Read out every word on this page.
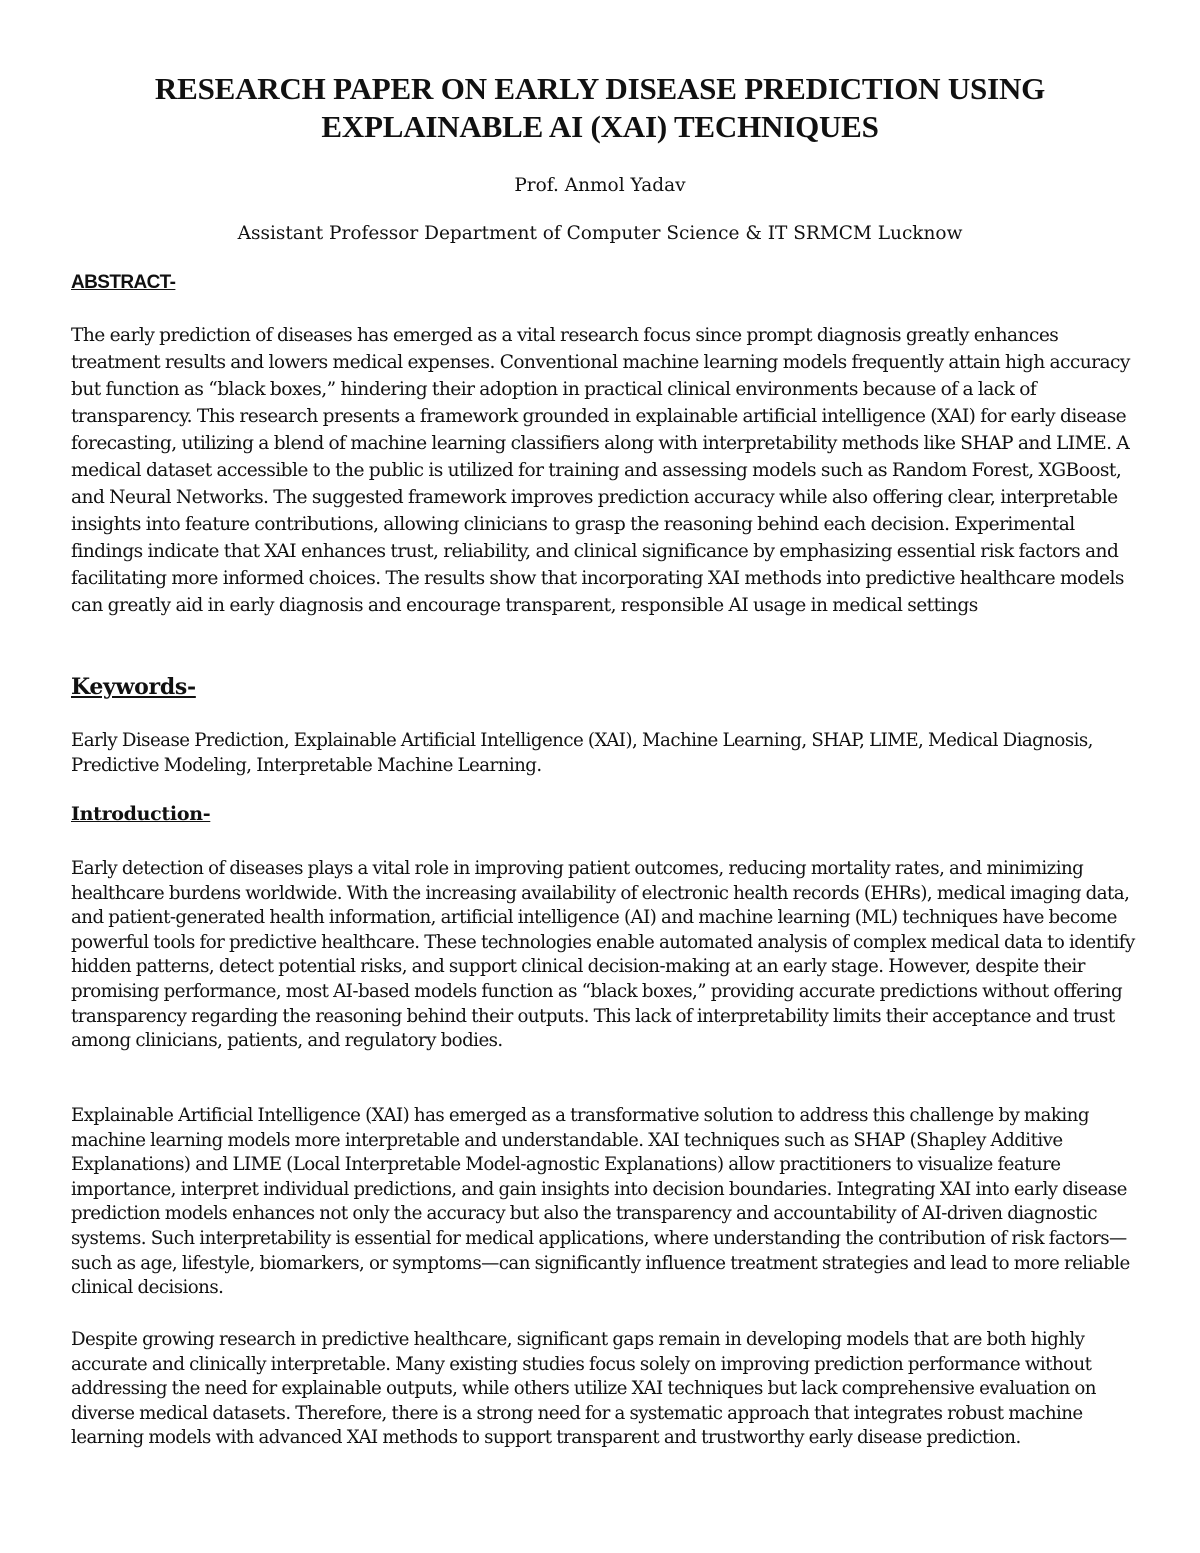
RESEARCH PAPER ON EARLY DISEASE PREDICTION USING EXPLAINABLE AI (XAI) TECHNIQUES

Prof. Anmol Yadav

Assistant Professor Department of Computer Science & IT SRMCM Lucknow

ABSTRACT-

The early prediction of diseases has emerged as a vital research focus since prompt diagnosis greatly enhances treatment results and lowers medical expenses. Conventional machine learning models frequently attain high accuracy but function as “black boxes,” hindering their adoption in practical clinical environments because of a lack of transparency. This research presents a framework grounded in explainable artificial intelligence (XAI) for early disease forecasting, utilizing a blend of machine learning classifiers along with interpretability methods like SHAP and LIME. A medical dataset accessible to the public is utilized for training and assessing models such as Random Forest, XGBoost, and Neural Networks. The suggested framework improves prediction accuracy while also offering clear, interpretable insights into feature contributions, allowing clinicians to grasp the reasoning behind each decision. Experimental findings indicate that XAI enhances trust, reliability, and clinical significance by emphasizing essential risk factors and facilitating more informed choices. The results show that incorporating XAI methods into predictive healthcare models can greatly aid in early diagnosis and encourage transparent, responsible AI usage in medical settings

Keywords-

Early Disease Prediction, Explainable Artificial Intelligence (XAI), Machine Learning, SHAP, LIME, Medical Diagnosis, Predictive Modeling, Interpretable Machine Learning.

Introduction-

Early detection of diseases plays a vital role in improving patient outcomes, reducing mortality rates, and minimizing healthcare burdens worldwide. With the increasing availability of electronic health records (EHRs), medical imaging data, and patient-generated health information, artificial intelligence (AI) and machine learning (ML) techniques have become powerful tools for predictive healthcare. These technologies enable automated analysis of complex medical data to identify hidden patterns, detect potential risks, and support clinical decision-making at an early stage. However, despite their promising performance, most AI-based models function as “black boxes,” providing accurate predictions without offering transparency regarding the reasoning behind their outputs. This lack of interpretability limits their acceptance and trust among clinicians, patients, and regulatory bodies.

Explainable Artificial Intelligence (XAI) has emerged as a transformative solution to address this challenge by making machine learning models more interpretable and understandable. XAI techniques such as SHAP (Shapley Additive Explanations) and LIME (Local Interpretable Model-agnostic Explanations) allow practitioners to visualize feature importance, interpret individual predictions, and gain insights into decision boundaries. Integrating XAI into early disease prediction models enhances not only the accuracy but also the transparency and accountability of AI-driven diagnostic systems. Such interpretability is essential for medical applications, where understanding the contribution of risk factors—such as age, lifestyle, biomarkers, or symptoms—can significantly influence treatment strategies and lead to more reliable clinical decisions.

Despite growing research in predictive healthcare, significant gaps remain in developing models that are both highly accurate and clinically interpretable. Many existing studies focus solely on improving prediction performance without addressing the need for explainable outputs, while others utilize XAI techniques but lack comprehensive evaluation on diverse medical datasets. Therefore, there is a strong need for a systematic approach that integrates robust machine learning models with advanced XAI methods to support transparent and trustworthy early disease prediction.
